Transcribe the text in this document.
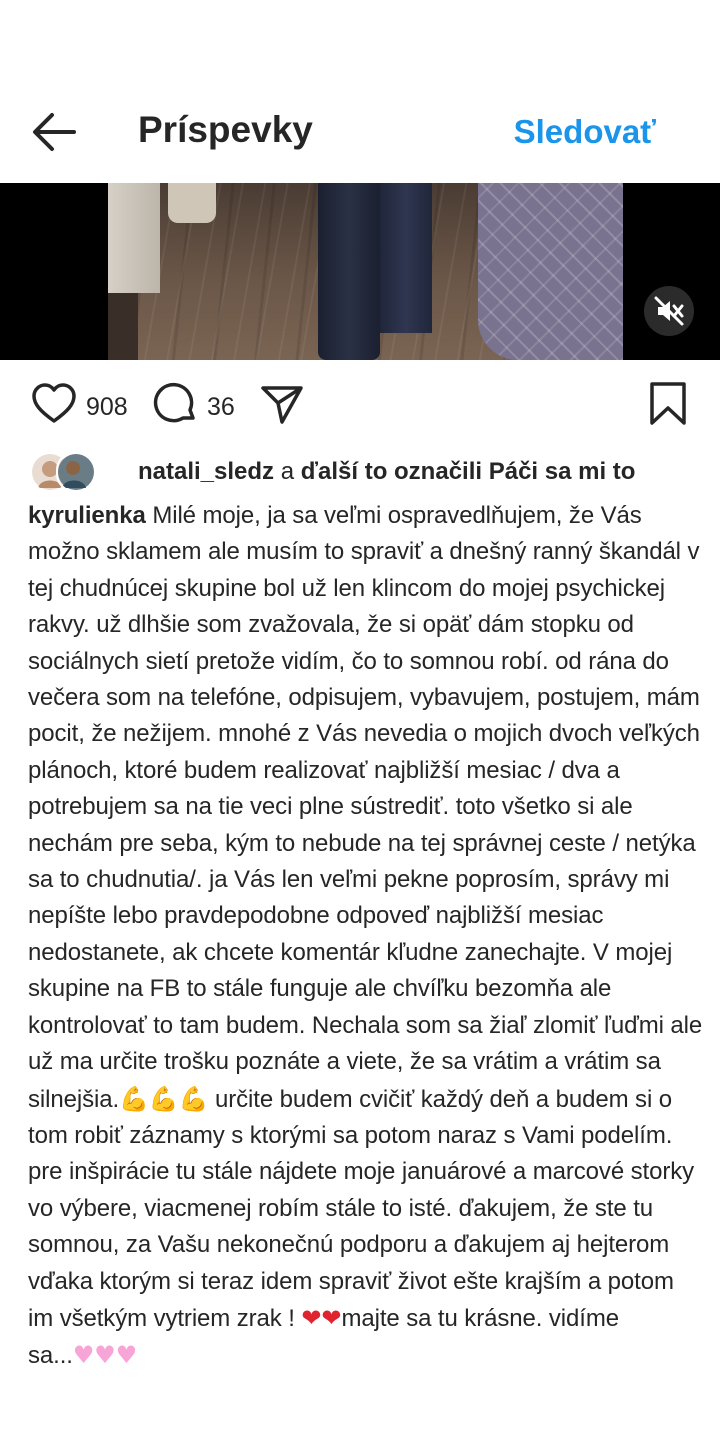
Príspevky	Sledovať
908	36
natali_sledz a ďalší to označili Páči sa mi to

kyrulienka Milé moje, ja sa veľmi ospravedlňujem, že Vás možno sklamem ale musím to spraviť a dnešný ranný škandál v tej chudnúcej skupine bol už len klincom do mojej psychickej rakvy. už dlhšie som zvažovala, že si opäť dám stopku od sociálnych sietí pretože vidím, čo to somnou robí. od rána do večera som na telefóne, odpisujem, vybavujem, postujem, mám pocit, že nežijem. mnohé z Vás nevedia o mojich dvoch veľkých plánoch, ktoré budem realizovať najbližší mesiac / dva a potrebujem sa na tie veci plne sústrediť. toto všetko si ale nechám pre seba, kým to nebude na tej správnej ceste / netýka sa to chudnutia/. ja Vás len veľmi pekne poprosím, správy mi nepíšte lebo pravdepodobne odpoveď najbližší mesiac nedostanete, ak chcete komentár kľudne zanechajte. V mojej skupine na FB to stále funguje ale chvíľku bezomňa ale kontrolovať to tam budem. Nechala som sa žiaľ zlomiť ľuďmi ale už ma určite trošku poznáte a viete, že sa vrátim a vrátim sa silnejšia.💪💪💪 určite budem cvičiť každý deň a budem si o tom robiť záznamy s ktorými sa potom naraz s Vami podelím. pre inšpirácie tu stále nájdete moje januárové a marcové storky vo výbere, viacmenej robím stále to isté. ďakujem, že ste tu somnou, za Vašu nekonečnú podporu a ďakujem aj hejterom vďaka ktorým si teraz idem spraviť život ešte krajším a potom im všetkým vytriem zrak ! ❤❤majte sa tu krásne. vidíme sa...♥♥♥
